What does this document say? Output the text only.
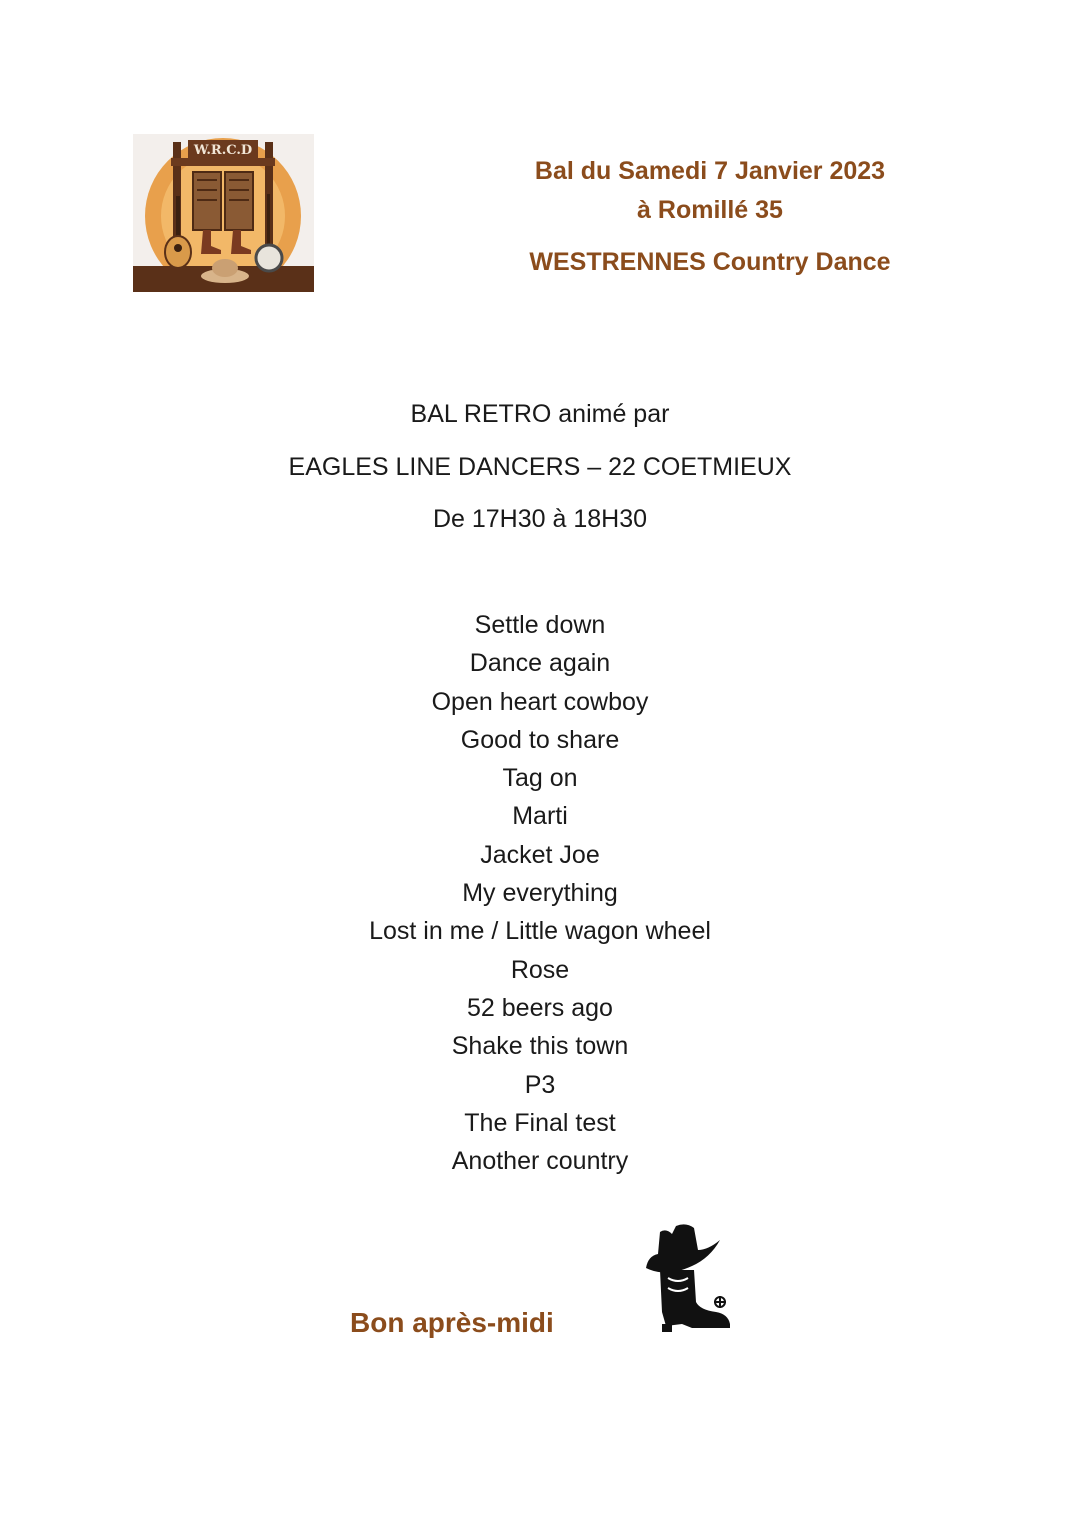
W.R.C.D
Bal du Samedi 7 Janvier 2023
à Romillé 35
WESTRENNES Country Dance
BAL RETRO animé par
EAGLES LINE DANCERS – 22 COETMIEUX
De 17H30 à 18H30
Settle down
Dance again
Open heart cowboy
Good to share
Tag on
Marti
Jacket Joe
My everything
Lost in me / Little wagon wheel
Rose
52 beers ago
Shake this town
P3
The Final test
Another country
Bon après-midi
